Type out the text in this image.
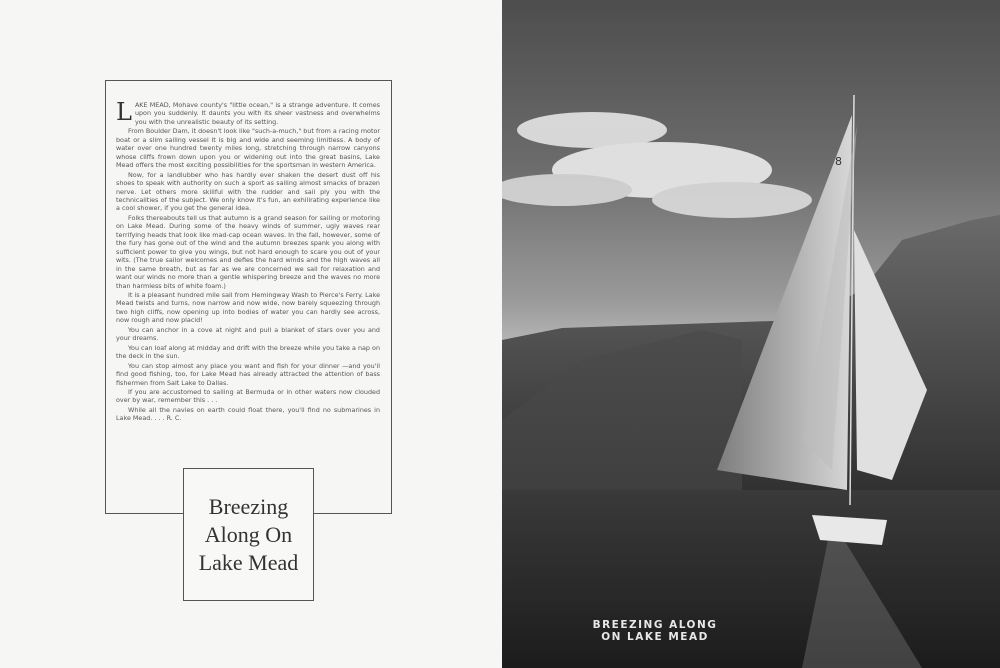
LAKE MEAD, Mohave county's "little ocean," is a strange adventure. It comes upon you suddenly. It daunts you with its sheer vastness and overwhelms you with the unrealistic beauty of its setting.

From Boulder Dam, it doesn't look like "such-a-much," but from a racing motor boat or a slim sailing vessel it is big and wide and seeming limitless. A body of water over one hundred twenty miles long, stretching through narrow canyons whose cliffs frown down upon you or widening out into the great basins, Lake Mead offers the most exciting possibilities for the sportsman in western America.

Now, for a landlubber who has hardly ever shaken the desert dust off his shoes to speak with authority on such a sport as sailing almost smacks of brazen nerve. Let others more skillful with the rudder and sail ply you with the technicalities of the subject. We only know it's fun, an exhilirating experience like a cool shower, if you get the general idea.

Folks thereabouts tell us that autumn is a grand season for sailing or motoring on Lake Mead. During some of the heavy winds of summer, ugly waves rear terrifying heads that look like mad-cap ocean waves. In the fall, however, some of the fury has gone out of the wind and the autumn breezes spank you along with sufficient power to give you wings, but not hard enough to scare you out of your wits. (The true sailor welcomes and defies the hard winds and the high waves all in the same breath, but as far as we are concerned we sail for relaxation and want our winds no more than a gentle whispering breeze and the waves no more than harmless bits of white foam.)

It is a pleasant hundred mile sail from Hemingway Wash to Pierce's Ferry. Lake Mead twists and turns, now narrow and now wide, now barely squeezing through two high cliffs, now opening up into bodies of water you can hardly see across, now rough and now placid!

You can anchor in a cove at night and pull a blanket of stars over you and your dreams.

You can loaf along at midday and drift with the breeze while you take a nap on the deck in the sun.

You can stop almost any place you want and fish for your dinner —and you'll find good fishing, too, for Lake Mead has already attracted the attention of bass fishermen from Salt Lake to Dallas.

If you are accustomed to sailing at Bermuda or in other waters now clouded over by war, remember this . . .

While all the navies on earth could float there, you'll find no submarines in Lake Mead. . . . R. C.

Breezing
Along On
Lake Mead
8
BREEZING ALONG
ON LAKE MEAD
